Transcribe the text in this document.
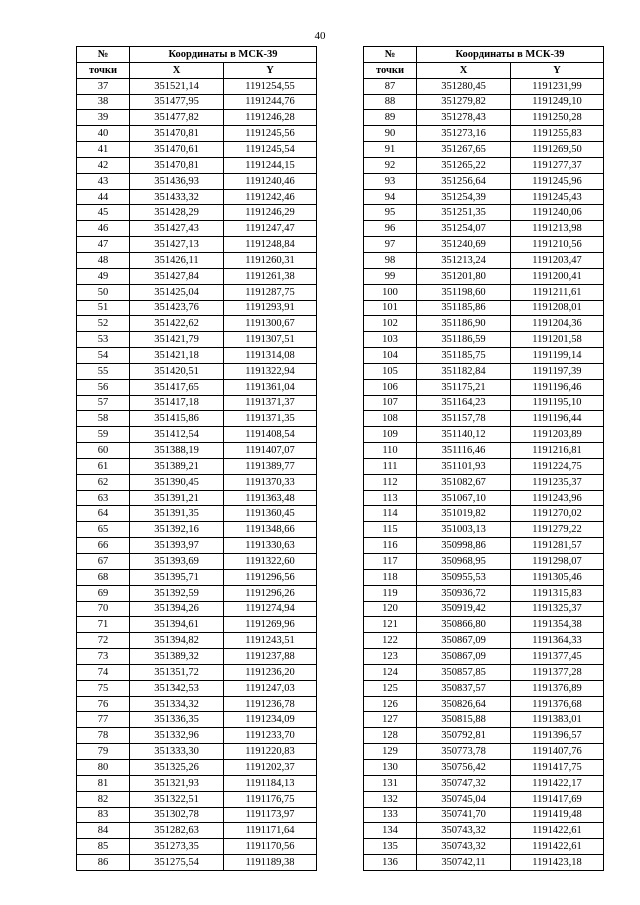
40
№	Координаты в МСК-39	
точки	X	Y
37	351521,14	1191254,55
38	351477,95	1191244,76
39	351477,82	1191246,28
40	351470,81	1191245,56
41	351470,61	1191245,54
42	351470,81	1191244,15
43	351436,93	1191240,46
44	351433,32	1191242,46
45	351428,29	1191246,29
46	351427,43	1191247,47
47	351427,13	1191248,84
48	351426,11	1191260,31
49	351427,84	1191261,38
50	351425,04	1191287,75
51	351423,76	1191293,91
52	351422,62	1191300,67
53	351421,79	1191307,51
54	351421,18	1191314,08
55	351420,51	1191322,94
56	351417,65	1191361,04
57	351417,18	1191371,37
58	351415,86	1191371,35
59	351412,54	1191408,54
60	351388,19	1191407,07
61	351389,21	1191389,77
62	351390,45	1191370,33
63	351391,21	1191363,48
64	351391,35	1191360,45
65	351392,16	1191348,66
66	351393,97	1191330,63
67	351393,69	1191322,60
68	351395,71	1191296,56
69	351392,59	1191296,26
70	351394,26	1191274,94
71	351394,61	1191269,96
72	351394,82	1191243,51
73	351389,32	1191237,88
74	351351,72	1191236,20
75	351342,53	1191247,03
76	351334,32	1191236,78
77	351336,35	1191234,09
78	351332,96	1191233,70
79	351333,30	1191220,83
80	351325,26	1191202,37
81	351321,93	1191184,13
82	351322,51	1191176,75
83	351302,78	1191173,97
84	351282,63	1191171,64
85	351273,35	1191170,56
86	351275,54	1191189,38
№	Координаты в МСК-39	
точки	X	Y
87	351280,45	1191231,99
88	351279,82	1191249,10
89	351278,43	1191250,28
90	351273,16	1191255,83
91	351267,65	1191269,50
92	351265,22	1191277,37
93	351256,64	1191245,96
94	351254,39	1191245,43
95	351251,35	1191240,06
96	351254,07	1191213,98
97	351240,69	1191210,56
98	351213,24	1191203,47
99	351201,80	1191200,41
100	351198,60	1191211,61
101	351185,86	1191208,01
102	351186,90	1191204,36
103	351186,59	1191201,58
104	351185,75	1191199,14
105	351182,84	1191197,39
106	351175,21	1191196,46
107	351164,23	1191195,10
108	351157,78	1191196,44
109	351140,12	1191203,89
110	351116,46	1191216,81
111	351101,93	1191224,75
112	351082,67	1191235,37
113	351067,10	1191243,96
114	351019,82	1191270,02
115	351003,13	1191279,22
116	350998,86	1191281,57
117	350968,95	1191298,07
118	350955,53	1191305,46
119	350936,72	1191315,83
120	350919,42	1191325,37
121	350866,80	1191354,38
122	350867,09	1191364,33
123	350867,09	1191377,45
124	350857,85	1191377,28
125	350837,57	1191376,89
126	350826,64	1191376,68
127	350815,88	1191383,01
128	350792,81	1191396,57
129	350773,78	1191407,76
130	350756,42	1191417,75
131	350747,32	1191422,17
132	350745,04	1191417,69
133	350741,70	1191419,48
134	350743,32	1191422,61
135	350743,32	1191422,61
136	350742,11	1191423,18
